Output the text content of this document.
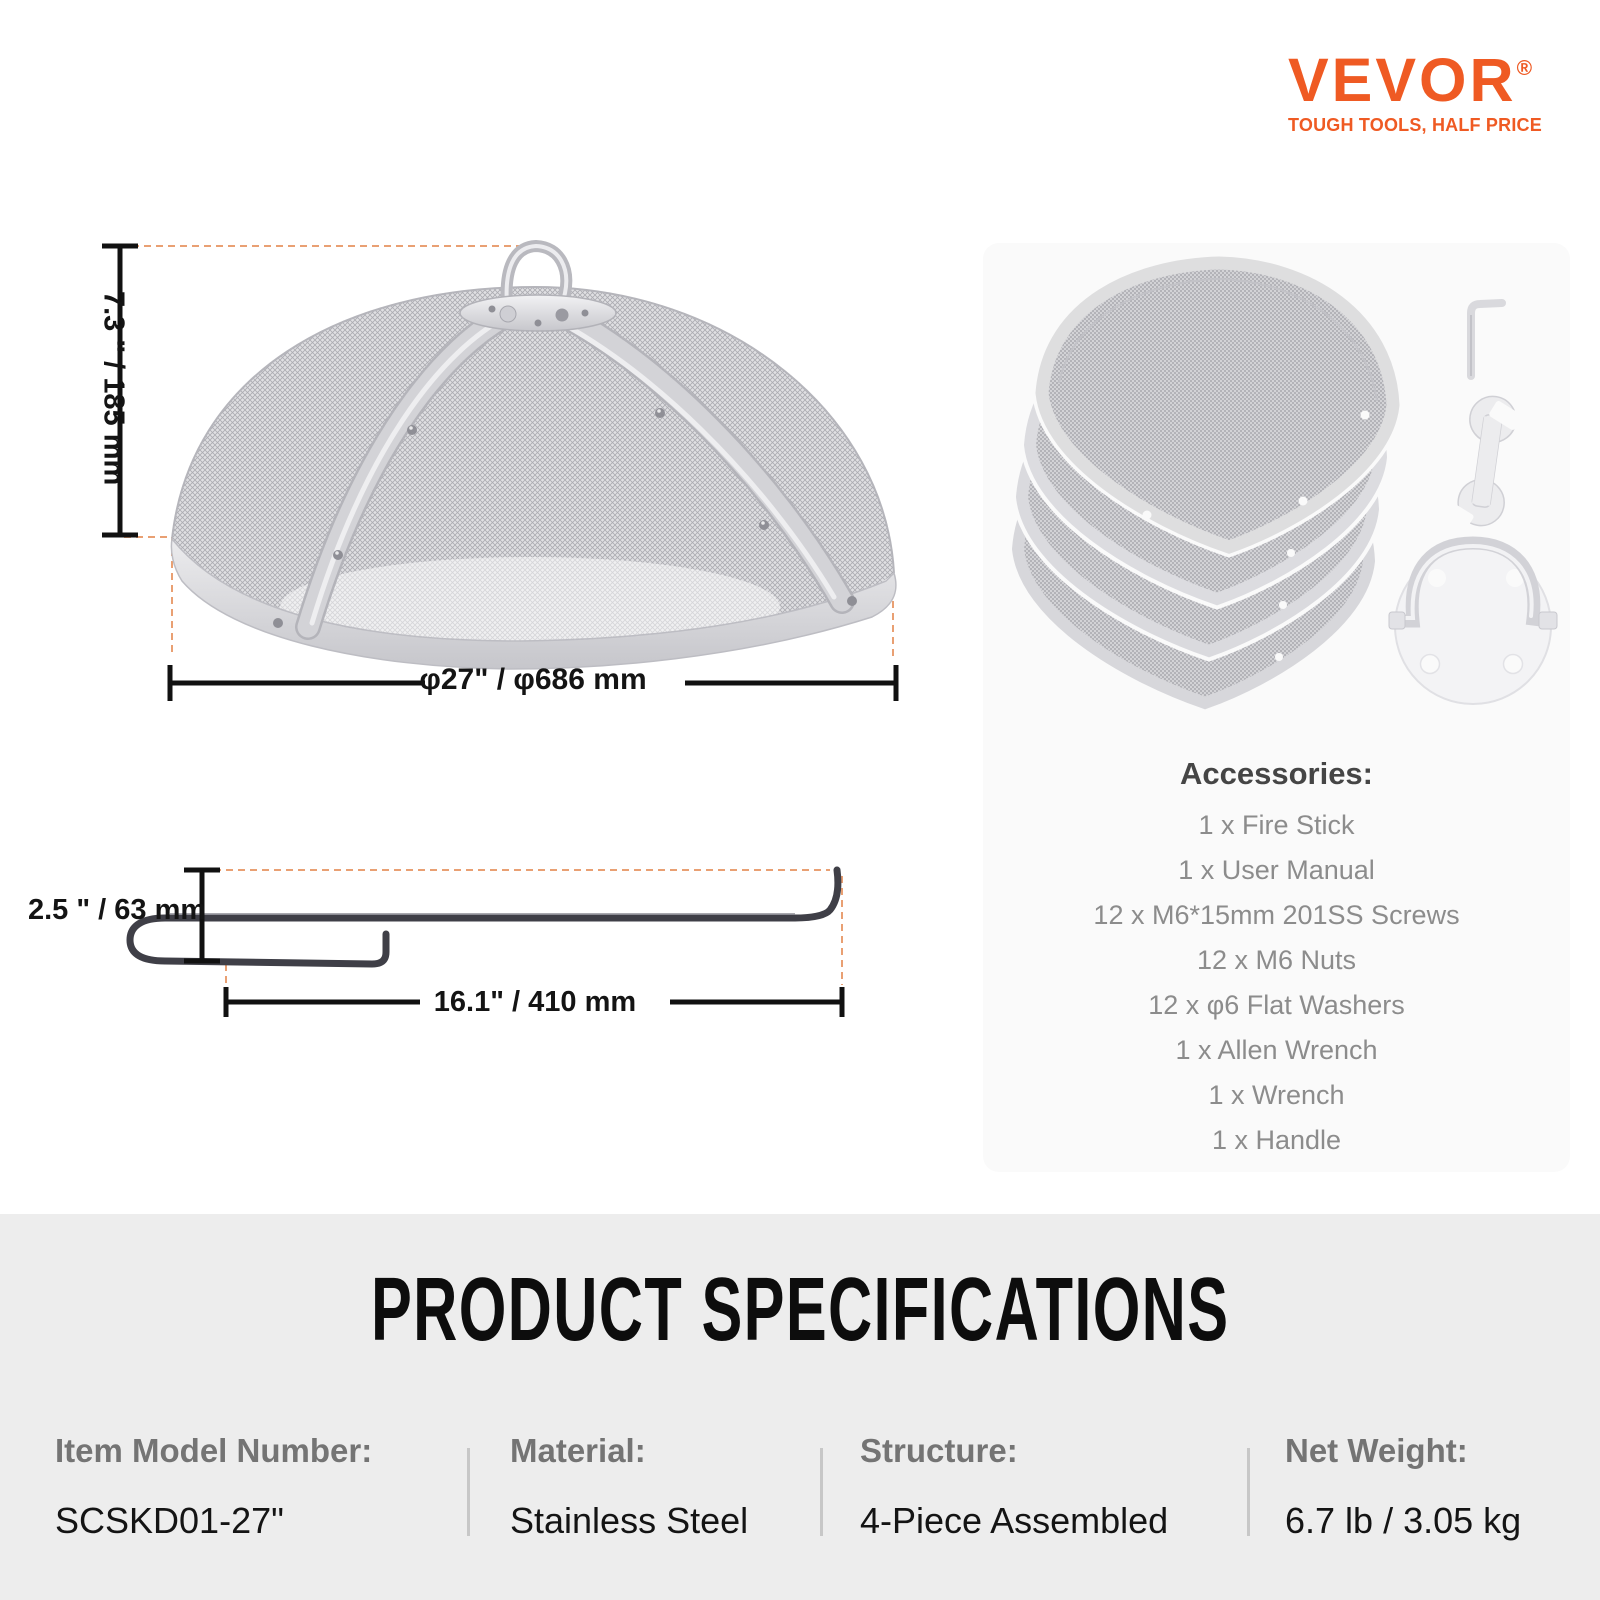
VEVOR®
TOUGH TOOLS, HALF PRICE
7.3 " / 185 mm
φ27" / φ686 mm
2.5 " / 63 mm
16.1" / 410 mm
Accessories:
1 x Fire Stick
1 x User Manual
12 x M6*15mm 201SS Screws
12 x M6 Nuts
12 x φ6 Flat Washers
1 x Allen Wrench
1 x Wrench
1 x Handle
PRODUCT SPECIFICATIONS
Item Model Number:
SCSKD01-27"
Material:
Stainless Steel
Structure:
4-Piece Assembled
Net Weight:
6.7 lb / 3.05 kg
